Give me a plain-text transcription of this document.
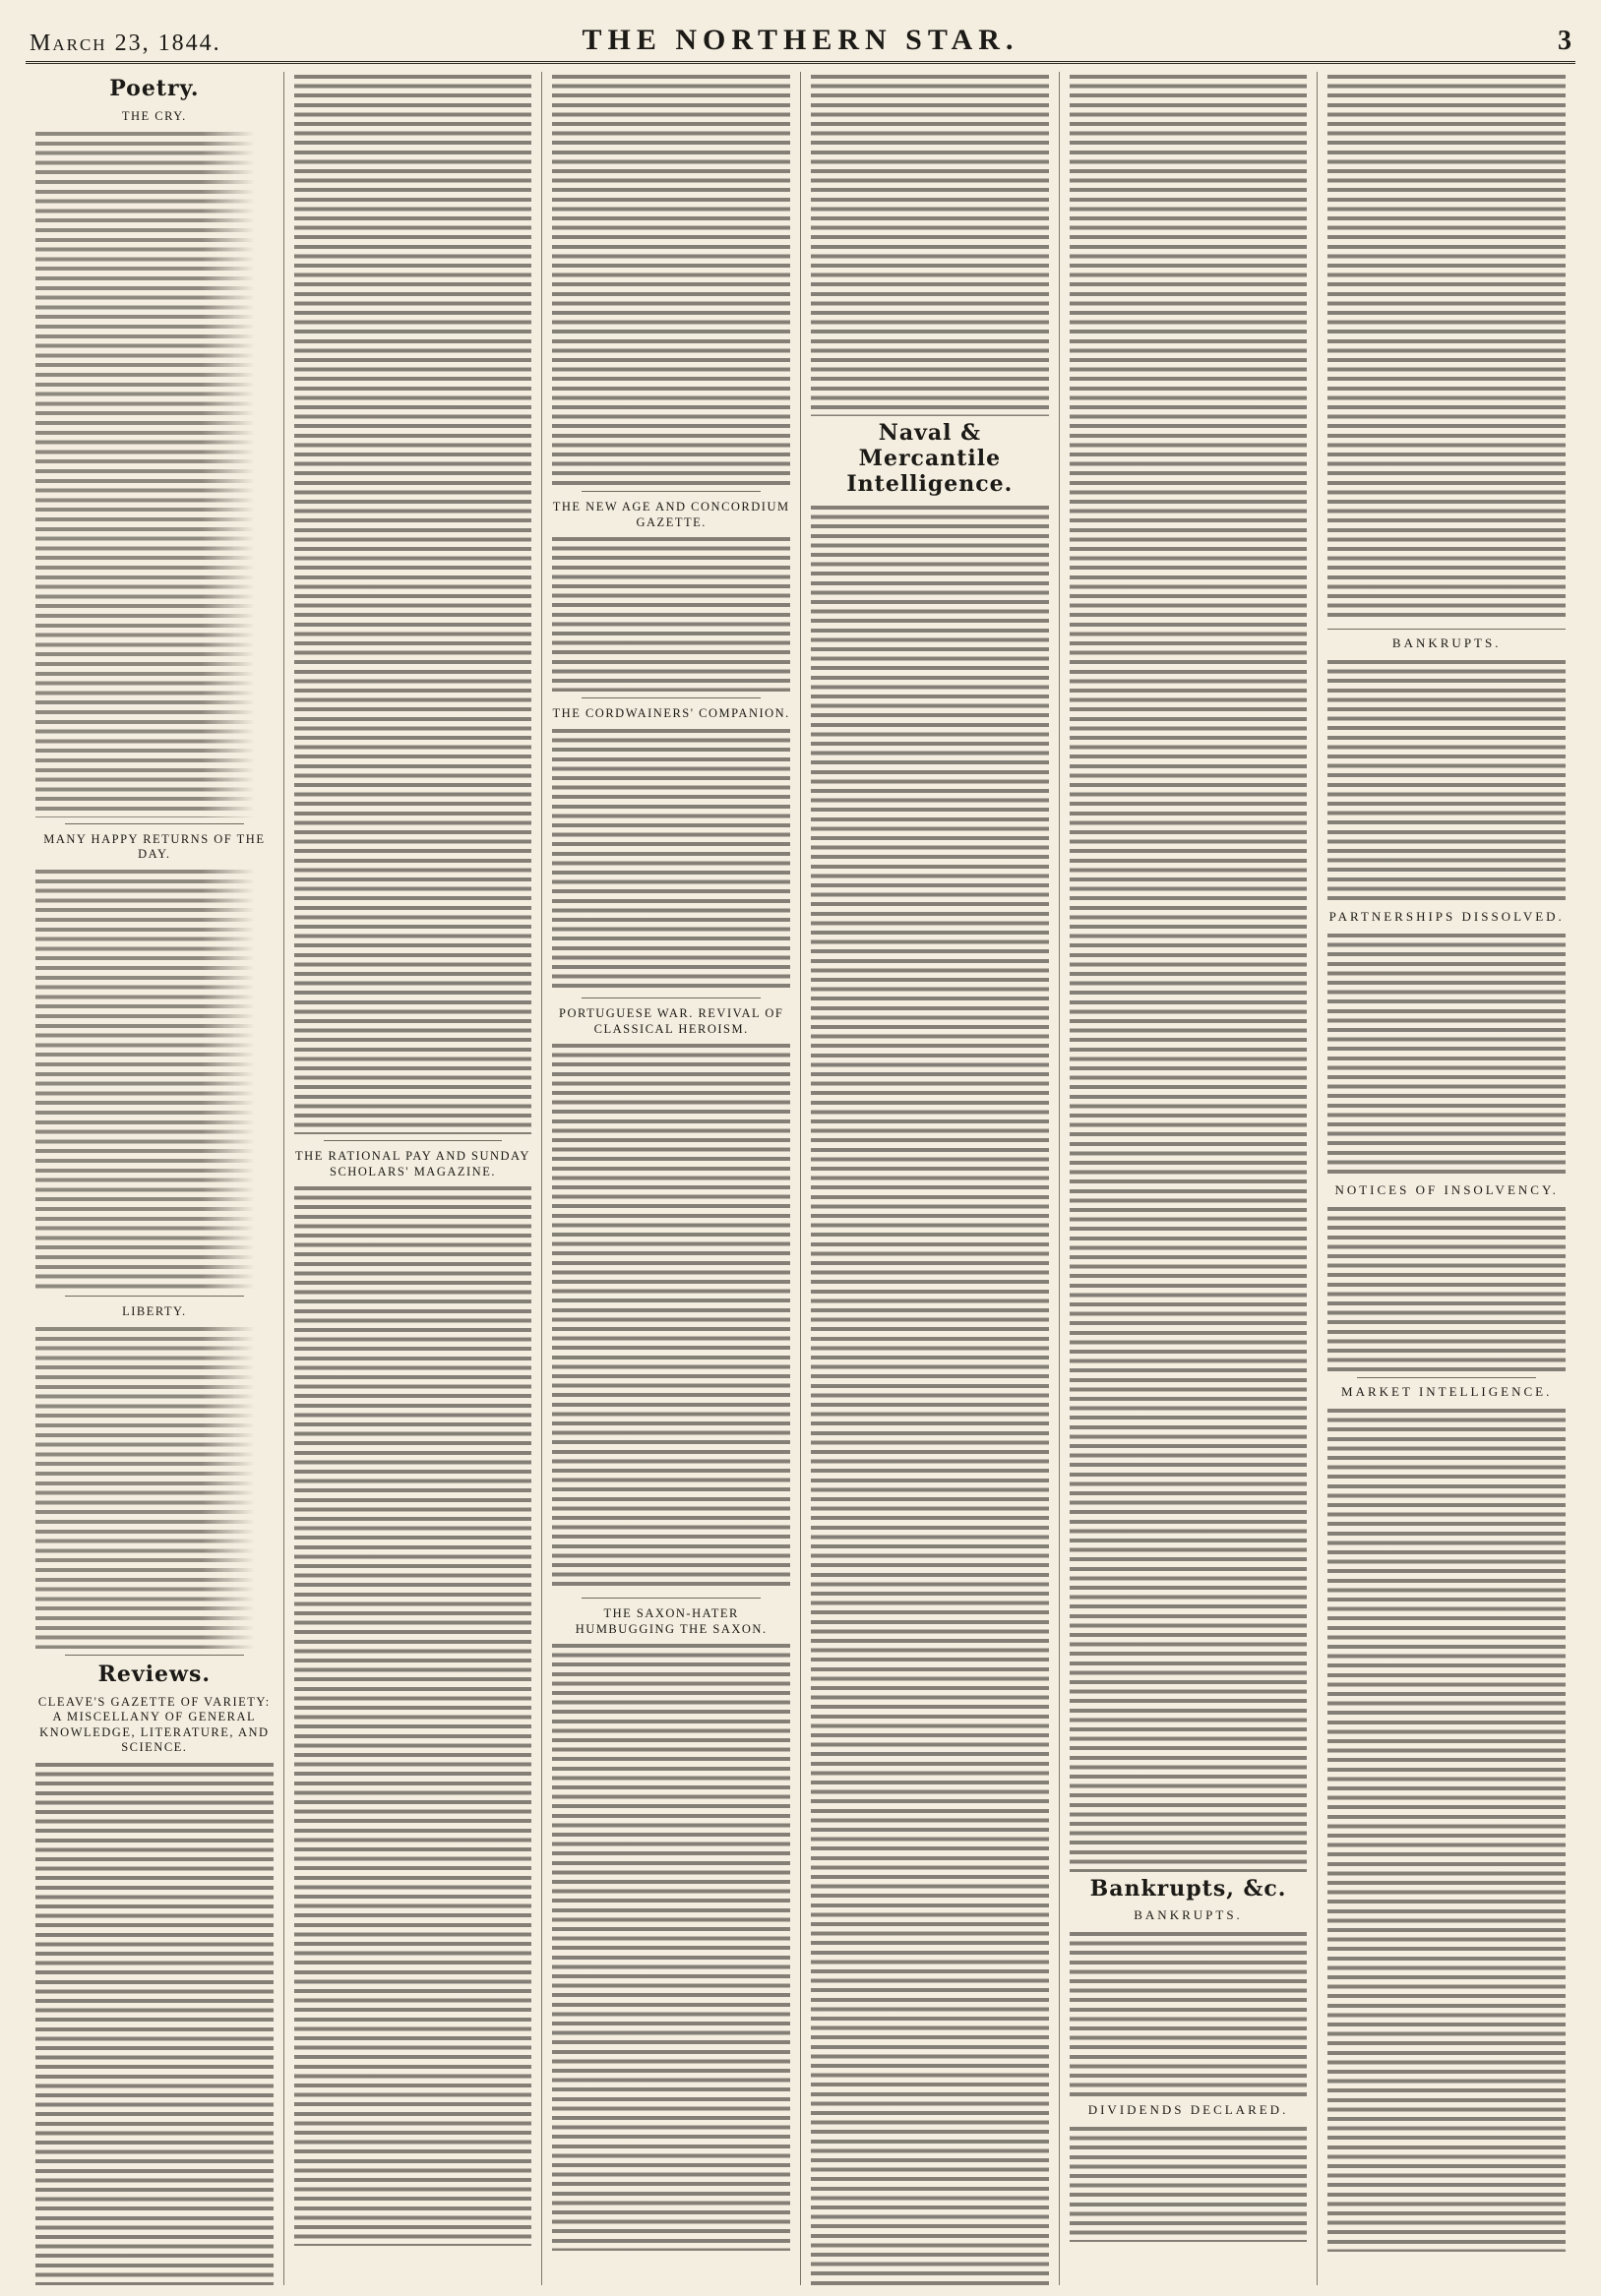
March 23, 1844.	THE NORTHERN STAR.	3
Poetry.
THE CRY.
MANY HAPPY RETURNS OF THE DAY.
LIBERTY.
Reviews.
CLEAVE'S GAZETTE OF VARIETY: A MISCELLANY OF GENERAL KNOWLEDGE, LITERATURE, AND SCIENCE.
THE RATIONAL PAY AND SUNDAY SCHOLARS' MAGAZINE.
THE NEW AGE AND CONCORDIUM GAZETTE.
THE CORDWAINERS' COMPANION.
PORTUGUESE WAR. REVIVAL OF CLASSICAL HEROISM.
THE SAXON-HATER HUMBUGGING THE SAXON.
Naval & Mercantile Intelligence.
Bankrupts, &c.
BANKRUPTS.
DIVIDENDS DECLARED.
BANKRUPTS.
PARTNERSHIPS DISSOLVED.
NOTICES OF INSOLVENCY.
MARKET INTELLIGENCE.
